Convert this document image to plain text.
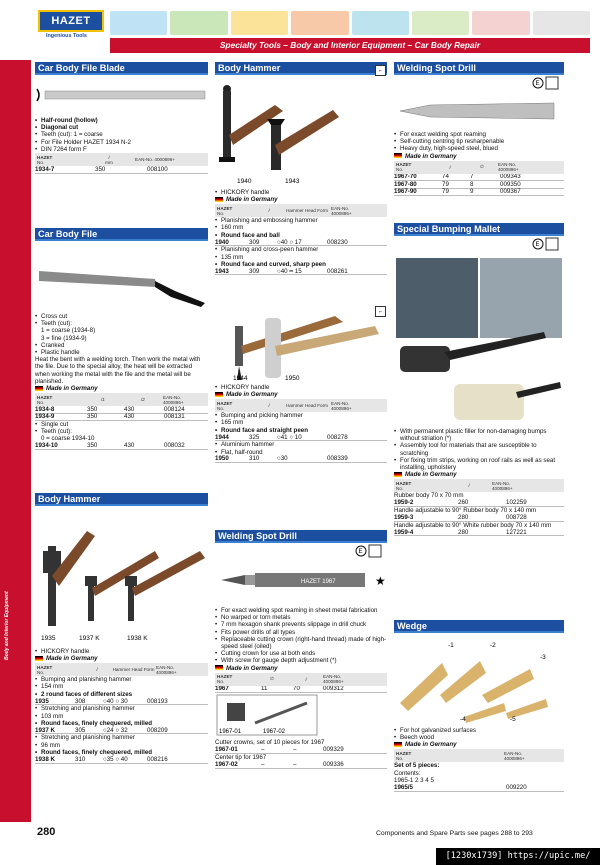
HAZET
Ingenious Tools
Specialty Tools – Body and Interior Equipment – Car Body Repair
Body and Interior Equipment
Car Body File Blade
• Half-round (hollow)
• Diagonal cut
• Teeth (cut): 1 = coarse
• For File Holder HAZET 1934 N-2
• DIN 7264 form F
HAZET

No.
l

mm	EAN-No. 4000896+
1934-7	350	008100
Car Body File
• Cross cut
• Teeth (cut):
1 = coarse (1934-8)
3 = fine (1934-9)
• Cranked
• Plastic handle
Heat the bent with a welding torch. Then work the metal with the file. Due to the special alloy, the heat will be extracted when working the metal with the file and the metal will be planished.
Made in Germany
HAZET

No.	l1	l2	EAN-No. 4000896+
1934-8	350	430	008124
1934-9	350	430	008131
• Single cut
• Teeth (cut):
0 = coarse 1934-10
1934-10	350	430	008032
Body Hammer
1935	1937 K	1938 K
• HICKORY handle
Made in Germany
HAZET

No.	l	Hammer Head Form EAN-No. 4000896+
• Bumping and planishing hammer
• 154 mm
• 2 round faces of different sizes
1935	308	○40 ○ 30	008193
• Stretching and planishing hammer
• 103 mm
• Round faces, finely chequered, milled
1937 K	305	○24 ○ 32	008209
• Stretching and planishing hammer
• 96 mm
• Round faces, finely chequered, milled
1938 K	310	○35 ○ 40	008216
Body Hammer	⌐
1940	1943
• HICKORY handle
Made in Germany
HAZET

No.	l	Hammer Head Form EAN-No. 4000896+
• Planishing and embossing hammer
• 160 mm
• Round face and ball
1940	309	○40 ○ 17	008230
• Planishing and cross-peen hammer
• 135 mm
• Round face and curved, sharp peen
1943	309	○40 ━ 15	008261
⌐
1944	1950
• HICKORY handle
Made in Germany
HAZET

No.	l	Hammer Head Form EAN-No. 4000896+
• Bumping and picking hammer
• 165 mm
• Round face and straight peen
1944	325	○41 ○ 10	008278
• Aluminium hammer
• Flat, half-round
1950	310	○30	008339
Welding Spot Drill
E
HAZET 1967	★
• For exact welding spot reaming in sheet metal fabrication
• No warped or torn metals
• 7 mm hexagon shank prevents slippage in drill chuck
• Fits power drills of all types
• Replaceable cutting crown (right-hand thread) made of high-speed steel (oiled)
• Cutting crown for use at both ends
• With screw for gauge depth adjustment (*)
Made in Germany
HAZET

No.
∅	l	EAN-No. 4000896+
1967	11	70	009312
1967-01	1967-02
Cutter crowns, set of 10 pieces for 1967
1967-01	–	–	009329
Center tip for 1967
1967-02	–	–	009336
Welding Spot Drill
E
• For exact welding spot reaming
• Self-cutting centring tip resharpenable
• Heavy duty, high-speed steel, blued
Made in Germany
HAZET

No.	l	∅	EAN-No. 4000896+
1967-70	74	7	009343
1967-80	79	8	009350
1967-90	79	9	009367
Special Bumping Mallet
E
• With permanent plastic filler for non-damaging bumps without striation (*)
• Assembly tool for materials that are susceptible to scratching
• For fixing trim strips, working on roof rails as well as seat installing, upholstery
Made in Germany
HAZET

No.	l	EAN-No. 4000896+
Rubber body 70 x 70 mm
1959-2	260	102259
Handle adjustable to 90° Rubber body 70 x 140 mm
1959-3	280	008728
Handle adjustable to 90° White rubber body 70 x 140 mm
1959-4	280	127221
Wedge
-1	-2
-3
-4	-5
• For hot galvanized surfaces
• Beech wood
Made in Germany
HAZET

No.
EAN-No. 4000896+
Set of 5 pieces:
Contents:
1965-1 2 3 4 5
1965/5	009220
280	Components and Spare Parts see pages 288 to 293
[1230x1739] https://upic.me/
